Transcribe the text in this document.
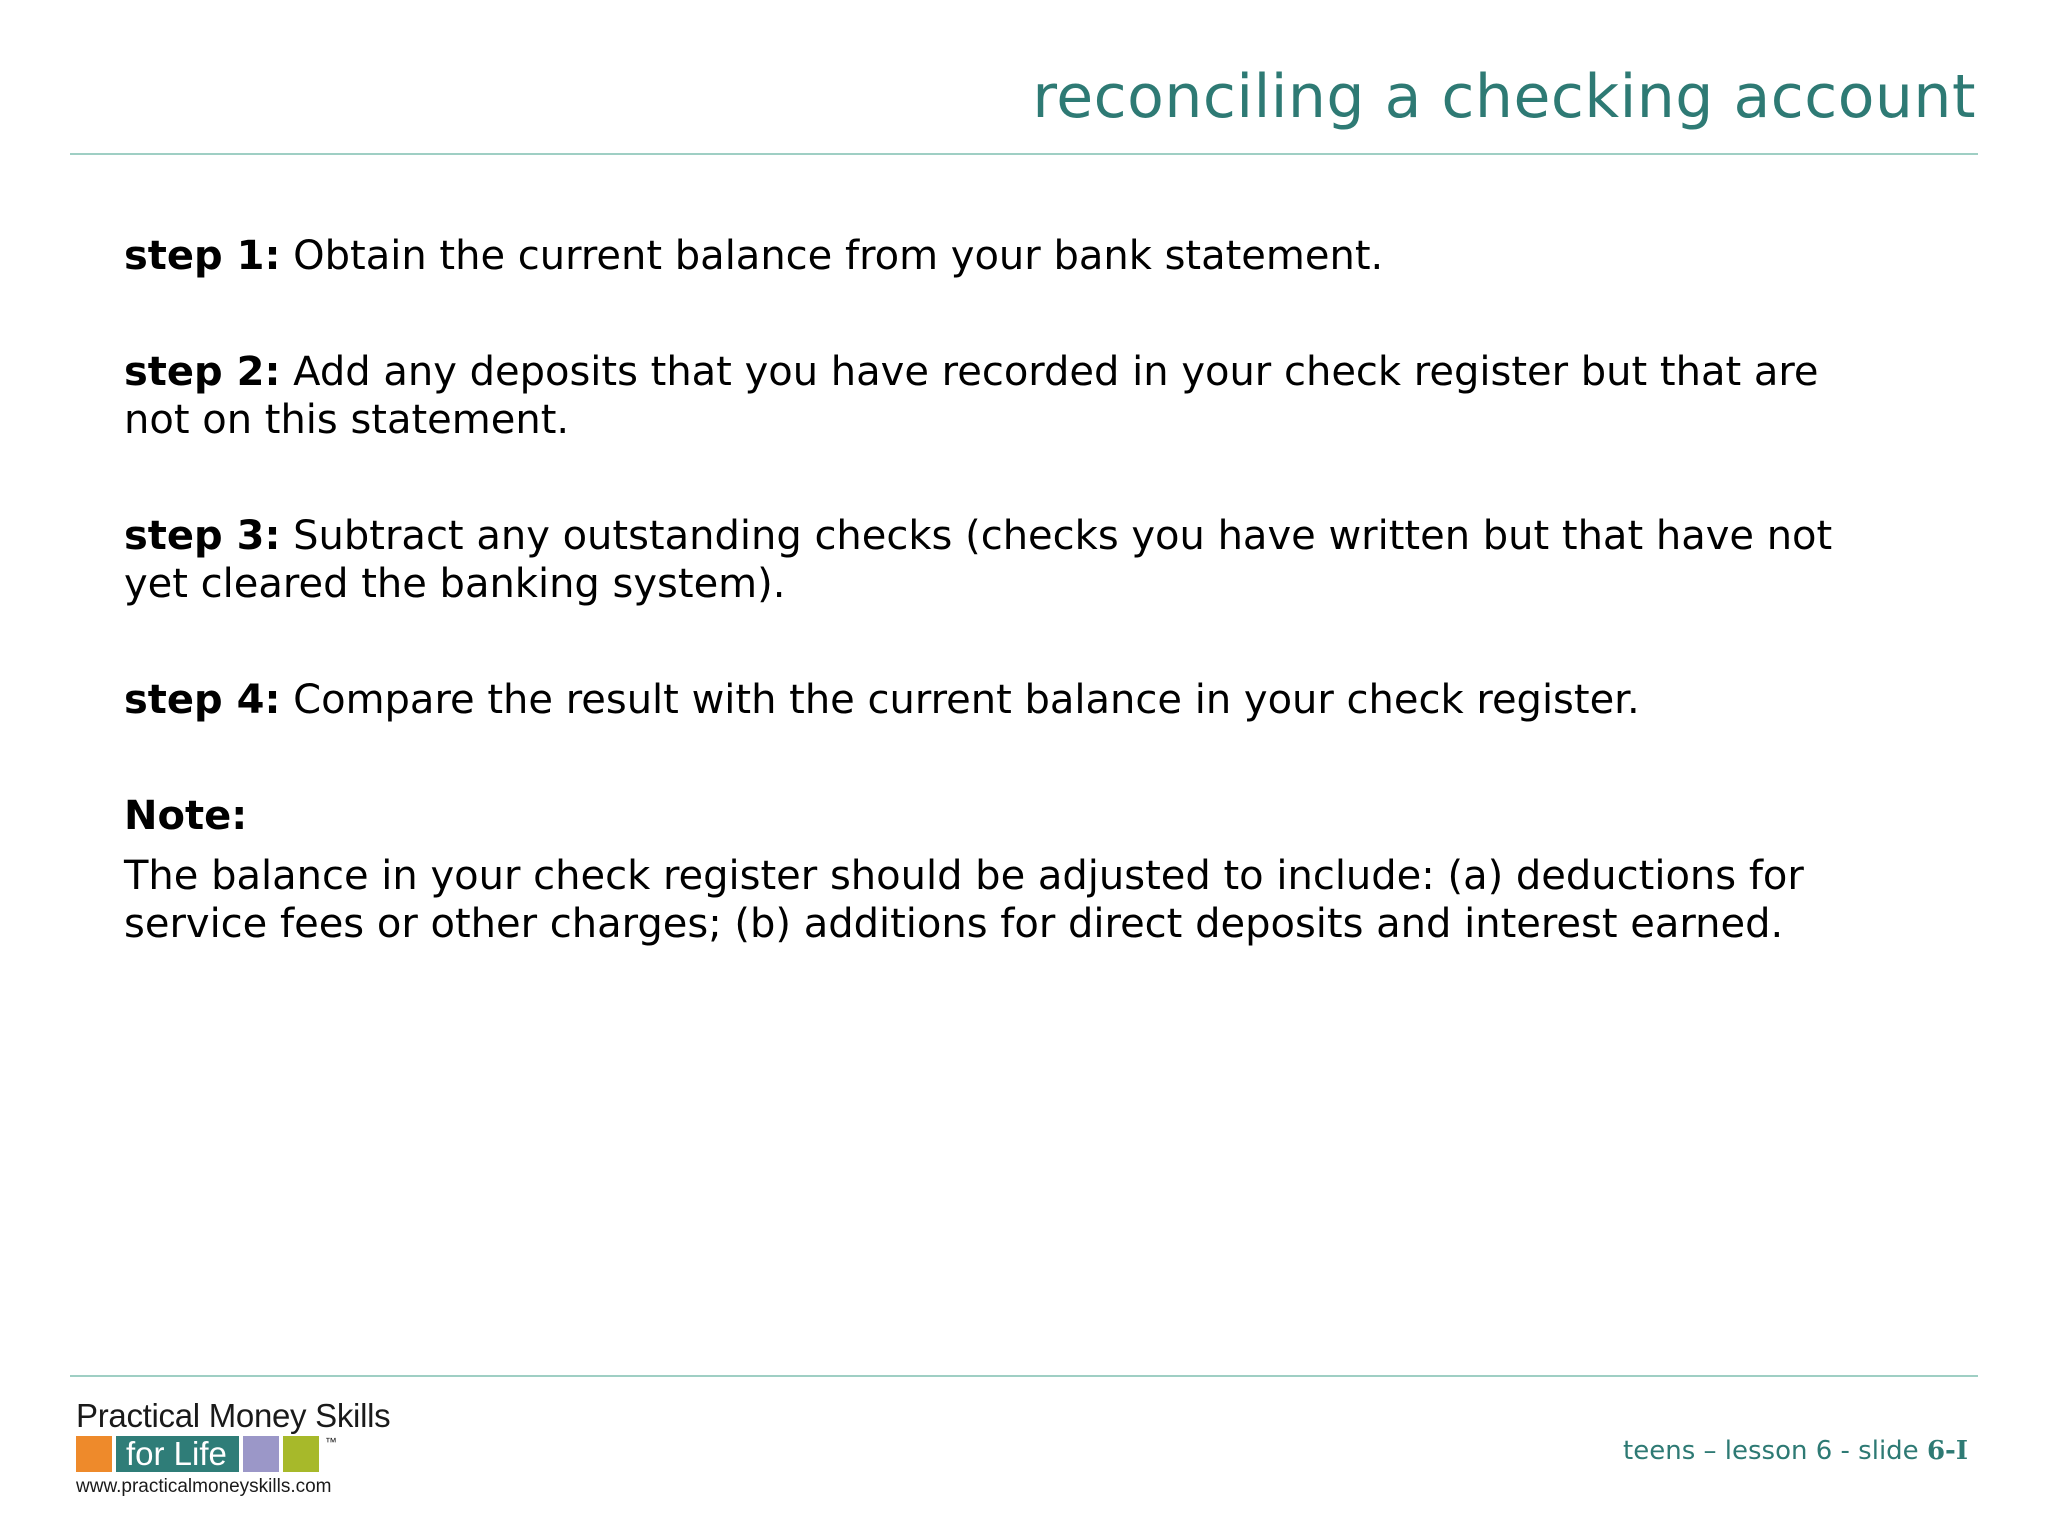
reconciling a checking account

step 1: Obtain the current balance from your bank statement.

step 2: Add any deposits that you have recorded in your check register but that are not on this statement.

step 3: Subtract any outstanding checks (checks you have written but that have not yet cleared the banking system).

step 4: Compare the result with the current balance in your check register.

Note:

The balance in your check register should be adjusted to include: (a) deductions for service fees or other charges; (b) additions for direct deposits and interest earned.

Practical Money Skills
for Life	™
www.practicalmoneyskills.com
teens – lesson 6 - slide 6-I
